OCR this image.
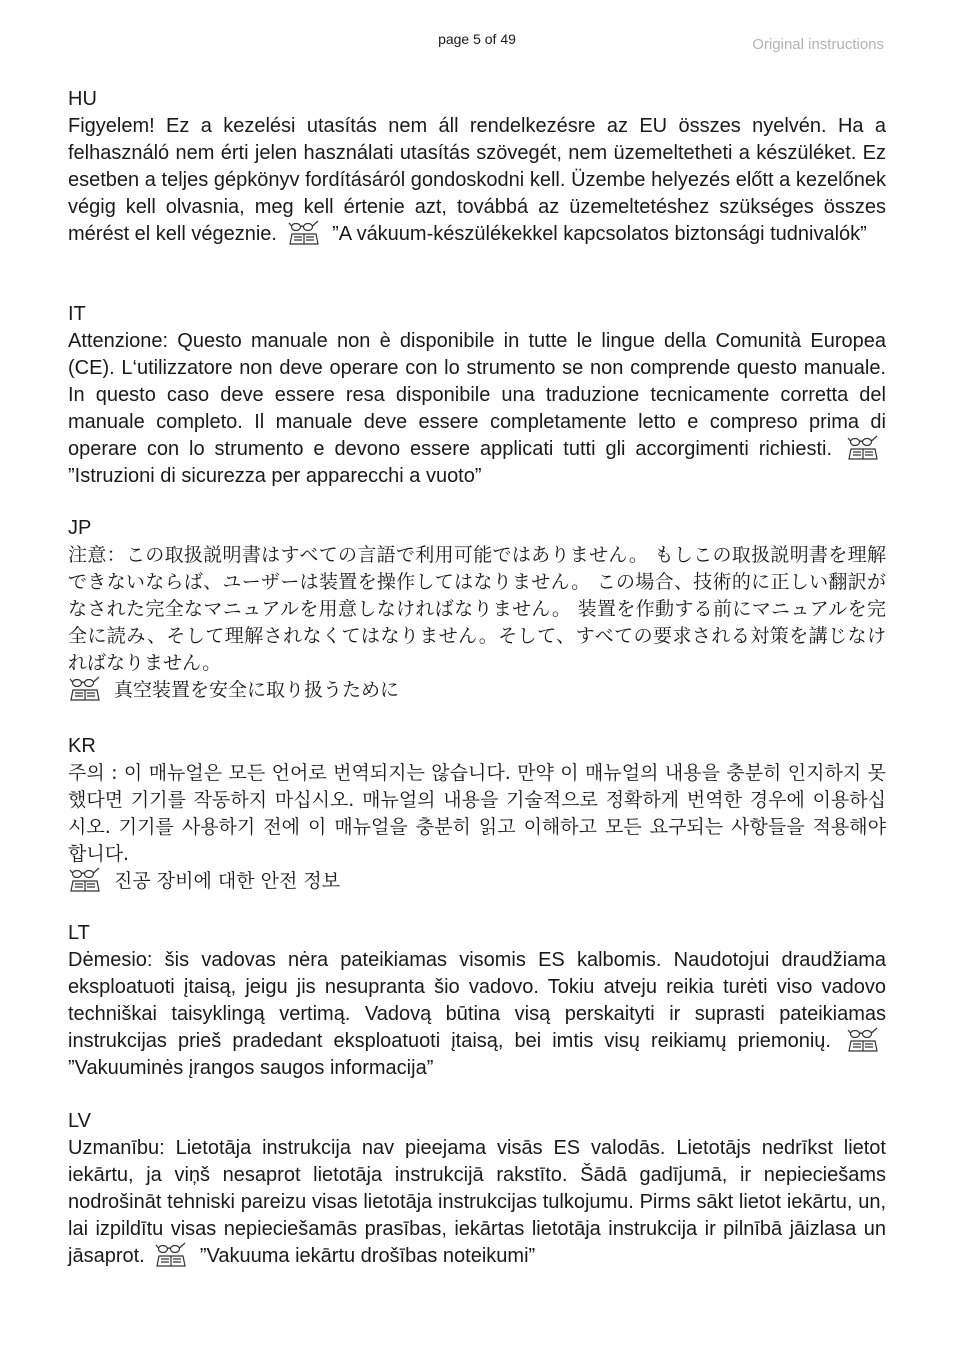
page 5 of 49	Original instructions
HU
Figyelem! Ez a kezelési utasítás nem áll rendelkezésre az EU összes nyelvén. Ha a felhasználó nem érti jelen használati utasítás szövegét, nem üzemeltetheti a készüléket. Ez esetben a teljes gépkönyv fordításáról gondoskodni kell. Üzembe helyezés előtt a kezelőnek végig kell olvasnia, meg kell értenie azt, továbbá az üzemeltetéshez szükséges összes mérést el kell végeznie.	”A vákuum-készülékekkel kapcsolatos biztonsági tudnivalók”
IT
Attenzione: Questo manuale non è disponibile in tutte le lingue della Comunità Europea (CE). L‘utilizzatore non deve operare con lo strumento se non comprende questo manuale. In questo caso deve essere resa disponibile una traduzione tecnicamente corretta del manuale completo. Il manuale deve essere completamente letto e compreso prima di operare con lo strumento e devono essere applicati tutti gli accorgimenti richiesti.
”Istruzioni di sicurezza per apparecchi a vuoto”
JP
注意：この取扱説明書はすべての言語で利用可能ではありません。 もしこの取扱説明書を理解できないならば、ユーザーは装置を操作してはなりません。 この場合、技術的に正しい翻訳がなされた完全なマニュアルを用意しなければなりません。 装置を作動する前にマニュアルを完全に読み、そして理解されなくてはなりません。そして、すべての要求される対策を講じなければなりません。

真空装置を安全に取り扱うために
KR
주의 : 이 매뉴얼은 모든 언어로 번역되지는 않습니다. 만약 이 매뉴얼의 내용을 충분히 인지하지 못했다면 기기를 작동하지 마십시오. 매뉴얼의 내용을 기술적으로 정확하게 번역한 경우에 이용하십시오. 기기를 사용하기 전에 이 매뉴얼을 충분히 읽고 이해하고 모든 요구되는 사항들을 적용해야 합니다.

진공 장비에 대한 안전 정보
LT
Dėmesio: šis vadovas nėra pateikiamas visomis ES kalbomis. Naudotojui draudžiama eksploatuoti įtaisą, jeigu jis nesupranta šio vadovo. Tokiu atveju reikia turėti viso vadovo techniškai taisyklingą vertimą. Vadovą būtina visą perskaityti ir suprasti pateikiamas instrukcijas prieš pradedant eksploatuoti įtaisą, bei imtis visų reikiamų priemonių.
”Vakuuminės įrangos saugos informacija”
LV
Uzmanību: Lietotāja instrukcija nav pieejama visās ES valodās. Lietotājs nedrīkst lietot iekārtu, ja viņš nesaprot lietotāja instrukcijā rakstīto. Šādā gadījumā, ir nepieciešams nodrošināt tehniski pareizu visas lietotāja instrukcijas tulkojumu. Pirms sākt lietot iekārtu, un, lai izpildītu visas nepieciešamās prasības, iekārtas lietotāja instrukcija ir pilnībā jāizlasa un jāsaprot.	”Vakuuma iekārtu drošības noteikumi”
